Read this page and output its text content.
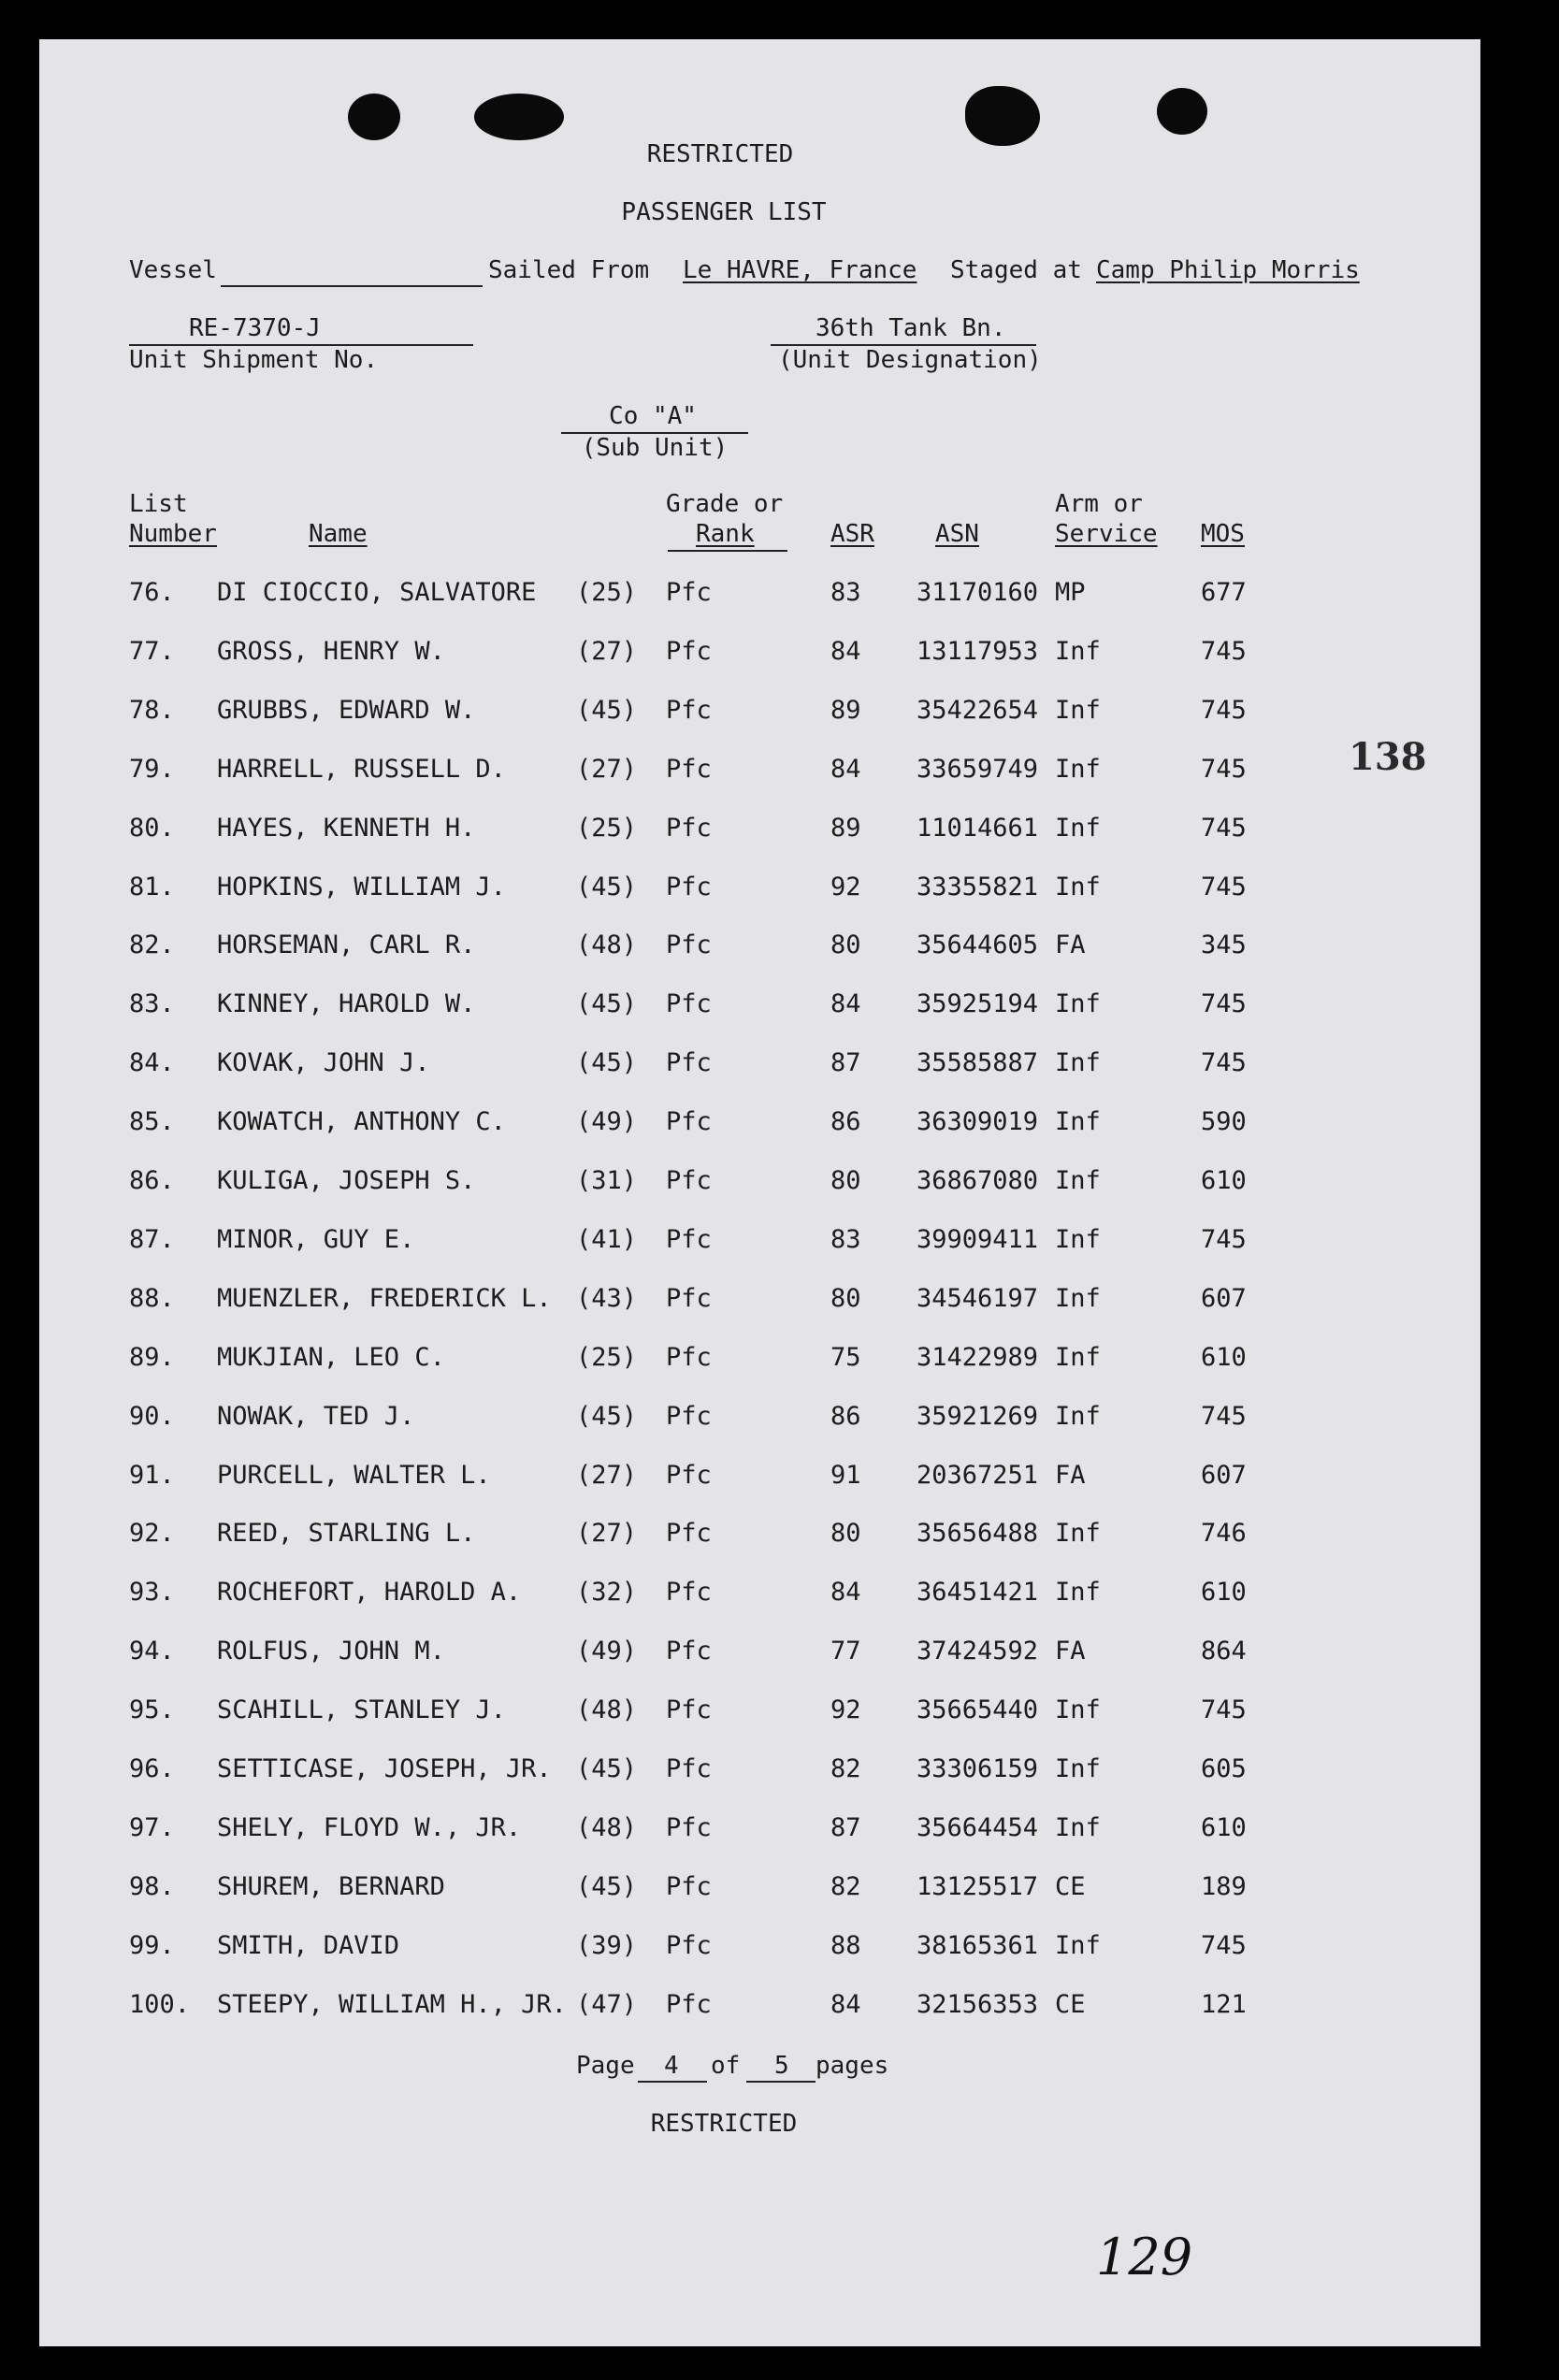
RESTRICTED
PASSENGER LIST
Vessel	Sailed From Le HAVRE, France Staged at Camp Philip Morris
RE-7370-J
Unit Shipment No.
36th Tank Bn.
(Unit Designation)
Co "A"
(Sub Unit)
List
Number	Name
Grade or
Rank	ASR	ASN
Arm or
Service MOS
76. DI CIOCCIO, SALVATORE (25) Pfc	83 31170160 MP	677
77. GROSS, HENRY W.	(27) Pfc	84 13117953 Inf	745
78. GRUBBS, EDWARD W.	(45) Pfc	89 35422654 Inf	745
79. HARRELL, RUSSELL D.	(27) Pfc	84 33659749 Inf	745
80. HAYES, KENNETH H.	(25) Pfc	89 11014661 Inf	745
81. HOPKINS, WILLIAM J.	(45) Pfc	92 33355821 Inf	745
82. HORSEMAN, CARL R.	(48) Pfc	80 35644605 FA	345
83. KINNEY, HAROLD W.	(45) Pfc	84 35925194 Inf	745
84. KOVAK, JOHN J.	(45) Pfc	87 35585887 Inf	745
85. KOWATCH, ANTHONY C.	(49) Pfc	86 36309019 Inf	590
86. KULIGA, JOSEPH S.	(31) Pfc	80 36867080 Inf	610
87. MINOR, GUY E.	(41) Pfc	83 39909411 Inf	745
88. MUENZLER, FREDERICK L. (43) Pfc	80 34546197 Inf	607
89. MUKJIAN, LEO C.	(25) Pfc	75 31422989 Inf	610
90. NOWAK, TED J.	(45) Pfc	86 35921269 Inf	745
91. PURCELL, WALTER L.	(27) Pfc	91 20367251 FA	607
92. REED, STARLING L.	(27) Pfc	80 35656488 Inf	746
93. ROCHEFORT, HAROLD A. (32) Pfc	84 36451421 Inf	610
94. ROLFUS, JOHN M.	(49) Pfc	77 37424592 FA	864
95. SCAHILL, STANLEY J.	(48) Pfc	92 35665440 Inf	745
96. SETTICASE, JOSEPH, JR. (45) Pfc	82 33306159 Inf	605
97. SHELY, FLOYD W., JR. (48) Pfc	87 35664454 Inf	610
98. SHUREM, BERNARD	(45) Pfc	82 13125517 CE	189
99. SMITH, DAVID	(39) Pfc	88 38165361 Inf	745
100. STEEPY, WILLIAM H., JR. (47) Pfc	84 32156353 CE	121
138
Page 4 of 5 pages
RESTRICTED
129
